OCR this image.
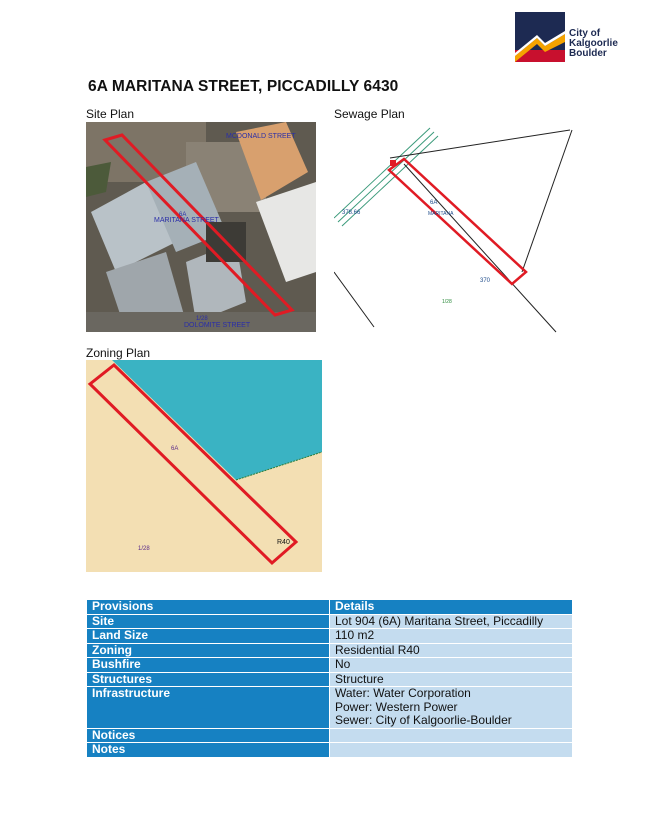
City of
Kalgoorlie
Boulder
6A MARITANA STREET, PICCADILLY 6430
Site Plan
MCDONALD STREET
6A
MARITANA STREET
1/28
DOLOMITE STREET
Sewage Plan
378.66
6A
MARITANA
370
1/28
Zoning Plan
6A
R40
1/28
Provisions	Details
Site	Lot 904 (6A) Maritana Street, Piccadilly
Land Size	110 m2
Zoning	Residential R40
Bushfire	No
Structures	Structure
Infrastructure	Water: Water Corporation
Power: Western Power
Sewer: City of Kalgoorlie-Boulder

Notices	
Notes	
